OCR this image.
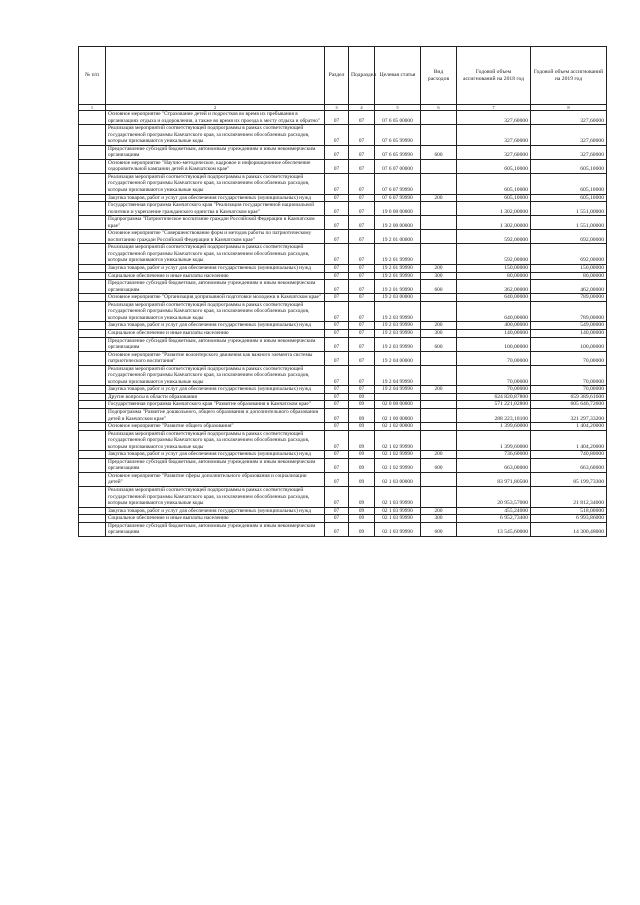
№ п/п		Раздел	Подраздел	Целевая статья	Вид расходов	Годовой объем ассигнований на 2018 год	Годовой объем ассигнований на 2019 год
1	2	3	4	5	6	7	8
	Основное мероприятие "Страхование детей и подростков во время их пребывания в организациях отдыха и оздоровления, а также во время их проезда к месту отдыха и обратно"	07	07	07 6 05 00000		327,60000	327,60000
	Реализация мероприятий соответствующей подпрограммы в рамках соответствующей государственной программы Камчатского края, за исключением обособленных расходов, которым присваиваются уникальные коды	07	07	07 6 05 99990		327,60000	327,60000
	Предоставление субсидий бюджетным, автономным учреждениям и иным некоммерческим организациям	07	07	07 6 05 99990	600	327,60000	327,60000
	Основное мероприятие "Научно-методическое, кадровое и информационное обеспечение оздоровительной кампании детей в Камчатском крае"	07	07	07 6 07 00000		605,10000	605,10000
	Реализация мероприятий соответствующей подпрограммы в рамках соответствующей государственной программы Камчатского края, за исключением обособленных расходов, которым присваиваются уникальные коды	07	07	07 6 07 99990		605,10000	605,10000
	Закупка товаров, работ и услуг для обеспечения государственных (муниципальных) нужд	07	07	07 6 07 99990	200	605,10000	605,10000
	Государственная программа Камчатского края "Реализация государственной национальной политики и укрепление гражданского единства в Камчатском крае"	07	07	19 0 00 00000		1 302,00000	1 551,00000
	Подпрограмма "Патриотическое воспитание граждан Российской Федерации в Камчатском крае"	07	07	19 2 00 00000		1 302,00000	1 551,00000
	Основное мероприятие "Совершенствование форм и методов работы по патриотическому воспитанию граждан Российской Федерации в Камчатском крае"	07	07	19 2 01 00000		592,00000	692,00000
	Реализация мероприятий соответствующей подпрограммы в рамках соответствующей государственной программы Камчатского края, за исключением обособленных расходов, которым присваиваются уникальные коды	07	07	19 2 01 99990		592,00000	692,00000
	Закупка товаров, работ и услуг для обеспечения государственных (муниципальных) нужд	07	07	19 2 01 99990	200	150,00000	150,00000
	Социальное обеспечение и иные выплаты населению	07	07	19 2 01 99990	300	80,00000	80,00000
	Предоставление субсидий бюджетным, автономным учреждениям и иным некоммерческим организациям	07	07	19 2 01 99990	600	362,00000	462,00000
	Основное мероприятие "Организация допризывной подготовки молодежи в Камчатском крае"	07	07	19 2 03 00000		640,00000	789,00000
	Реализация мероприятий соответствующей подпрограммы в рамках соответствующей государственной программы Камчатского края, за исключением обособленных расходов, которым присваиваются уникальные коды	07	07	19 2 03 99990		640,00000	789,00000
	Закупка товаров, работ и услуг для обеспечения государственных (муниципальных) нужд	07	07	19 2 03 99990	200	400,00000	549,00000
	Социальное обеспечение и иные выплаты населению	07	07	19 2 03 99990	300	140,00000	140,00000
	Предоставление субсидий бюджетным, автономным учреждениям и иным некоммерческим организациям	07	07	19 2 03 99990	600	100,00000	100,00000
	Основное мероприятие "Развитие волонтерского движения как важного элемента системы патриотического воспитания"	07	07	19 2 04 00000		70,00000	70,00000
	Реализация мероприятий соответствующей подпрограммы в рамках соответствующей государственной программы Камчатского края, за исключением обособленных расходов, которым присваиваются уникальные коды	07	07	19 2 04 99990		70,00000	70,00000
	Закупка товаров, работ и услуг для обеспечения государственных (муниципальных) нужд	07	07	19 2 04 99990	200	70,00000	70,00000
	Другие вопросы в области образования	07	09			624 820,87800	659 389,61600
	Государственная программа Камчатского края "Развитие образования в Камчатском крае"	07	09	02 0 00 00000		571 221,02800	605 646,72600
	Подпрограмма "Развитие дошкольного, общего образования и дополнительного образования детей в Камчатском крае"	07	09	02 1 00 00000		288 223,18100	321 297,33200
	Основное мероприятие "Развитие общего образования"	07	09	02 1 02 00000		1 399,60000	1 404,20000
	Реализация мероприятий соответствующей подпрограммы в рамках соответствующей государственной программы Камчатского края, за исключением обособленных расходов, которым присваиваются уникальные коды	07	09	02 1 02 99990		1 399,60000	1 404,20000
	Закупка товаров, работ и услуг для обеспечения государственных (муниципальных) нужд	07	09	02 1 02 99990	200	736,60000	740,80000
	Предоставление субсидий бюджетным, автономным учреждениям и иным некоммерческим организациям	07	09	02 1 02 99990	600	663,00000	663,60000
	Основное мероприятие "Развитие сферы дополнительного образования и социализации детей"	07	09	02 1 03 00000		83 971,80500	85 199,73300
	Реализация мероприятий соответствующей подпрограммы в рамках соответствующей государственной программы Камчатского края, за исключением обособленных расходов, которым присваиваются уникальные коды	07	09	02 1 03 99990		20 953,57000	21 812,34000
	Закупка товаров, работ и услуг для обеспечения государственных (муниципальных) нужд	07	09	02 1 03 99990	200	455,24000	518,00000
	Социальное обеспечение и иные выплаты населению	07	09	02 1 03 99990	300	6 952,73400	6 993,86000
	Предоставление субсидий бюджетным, автономным учреждениям и иным некоммерческим организациям	07	09	02 1 03 99990	600	13 545,60000	14 300,48000
